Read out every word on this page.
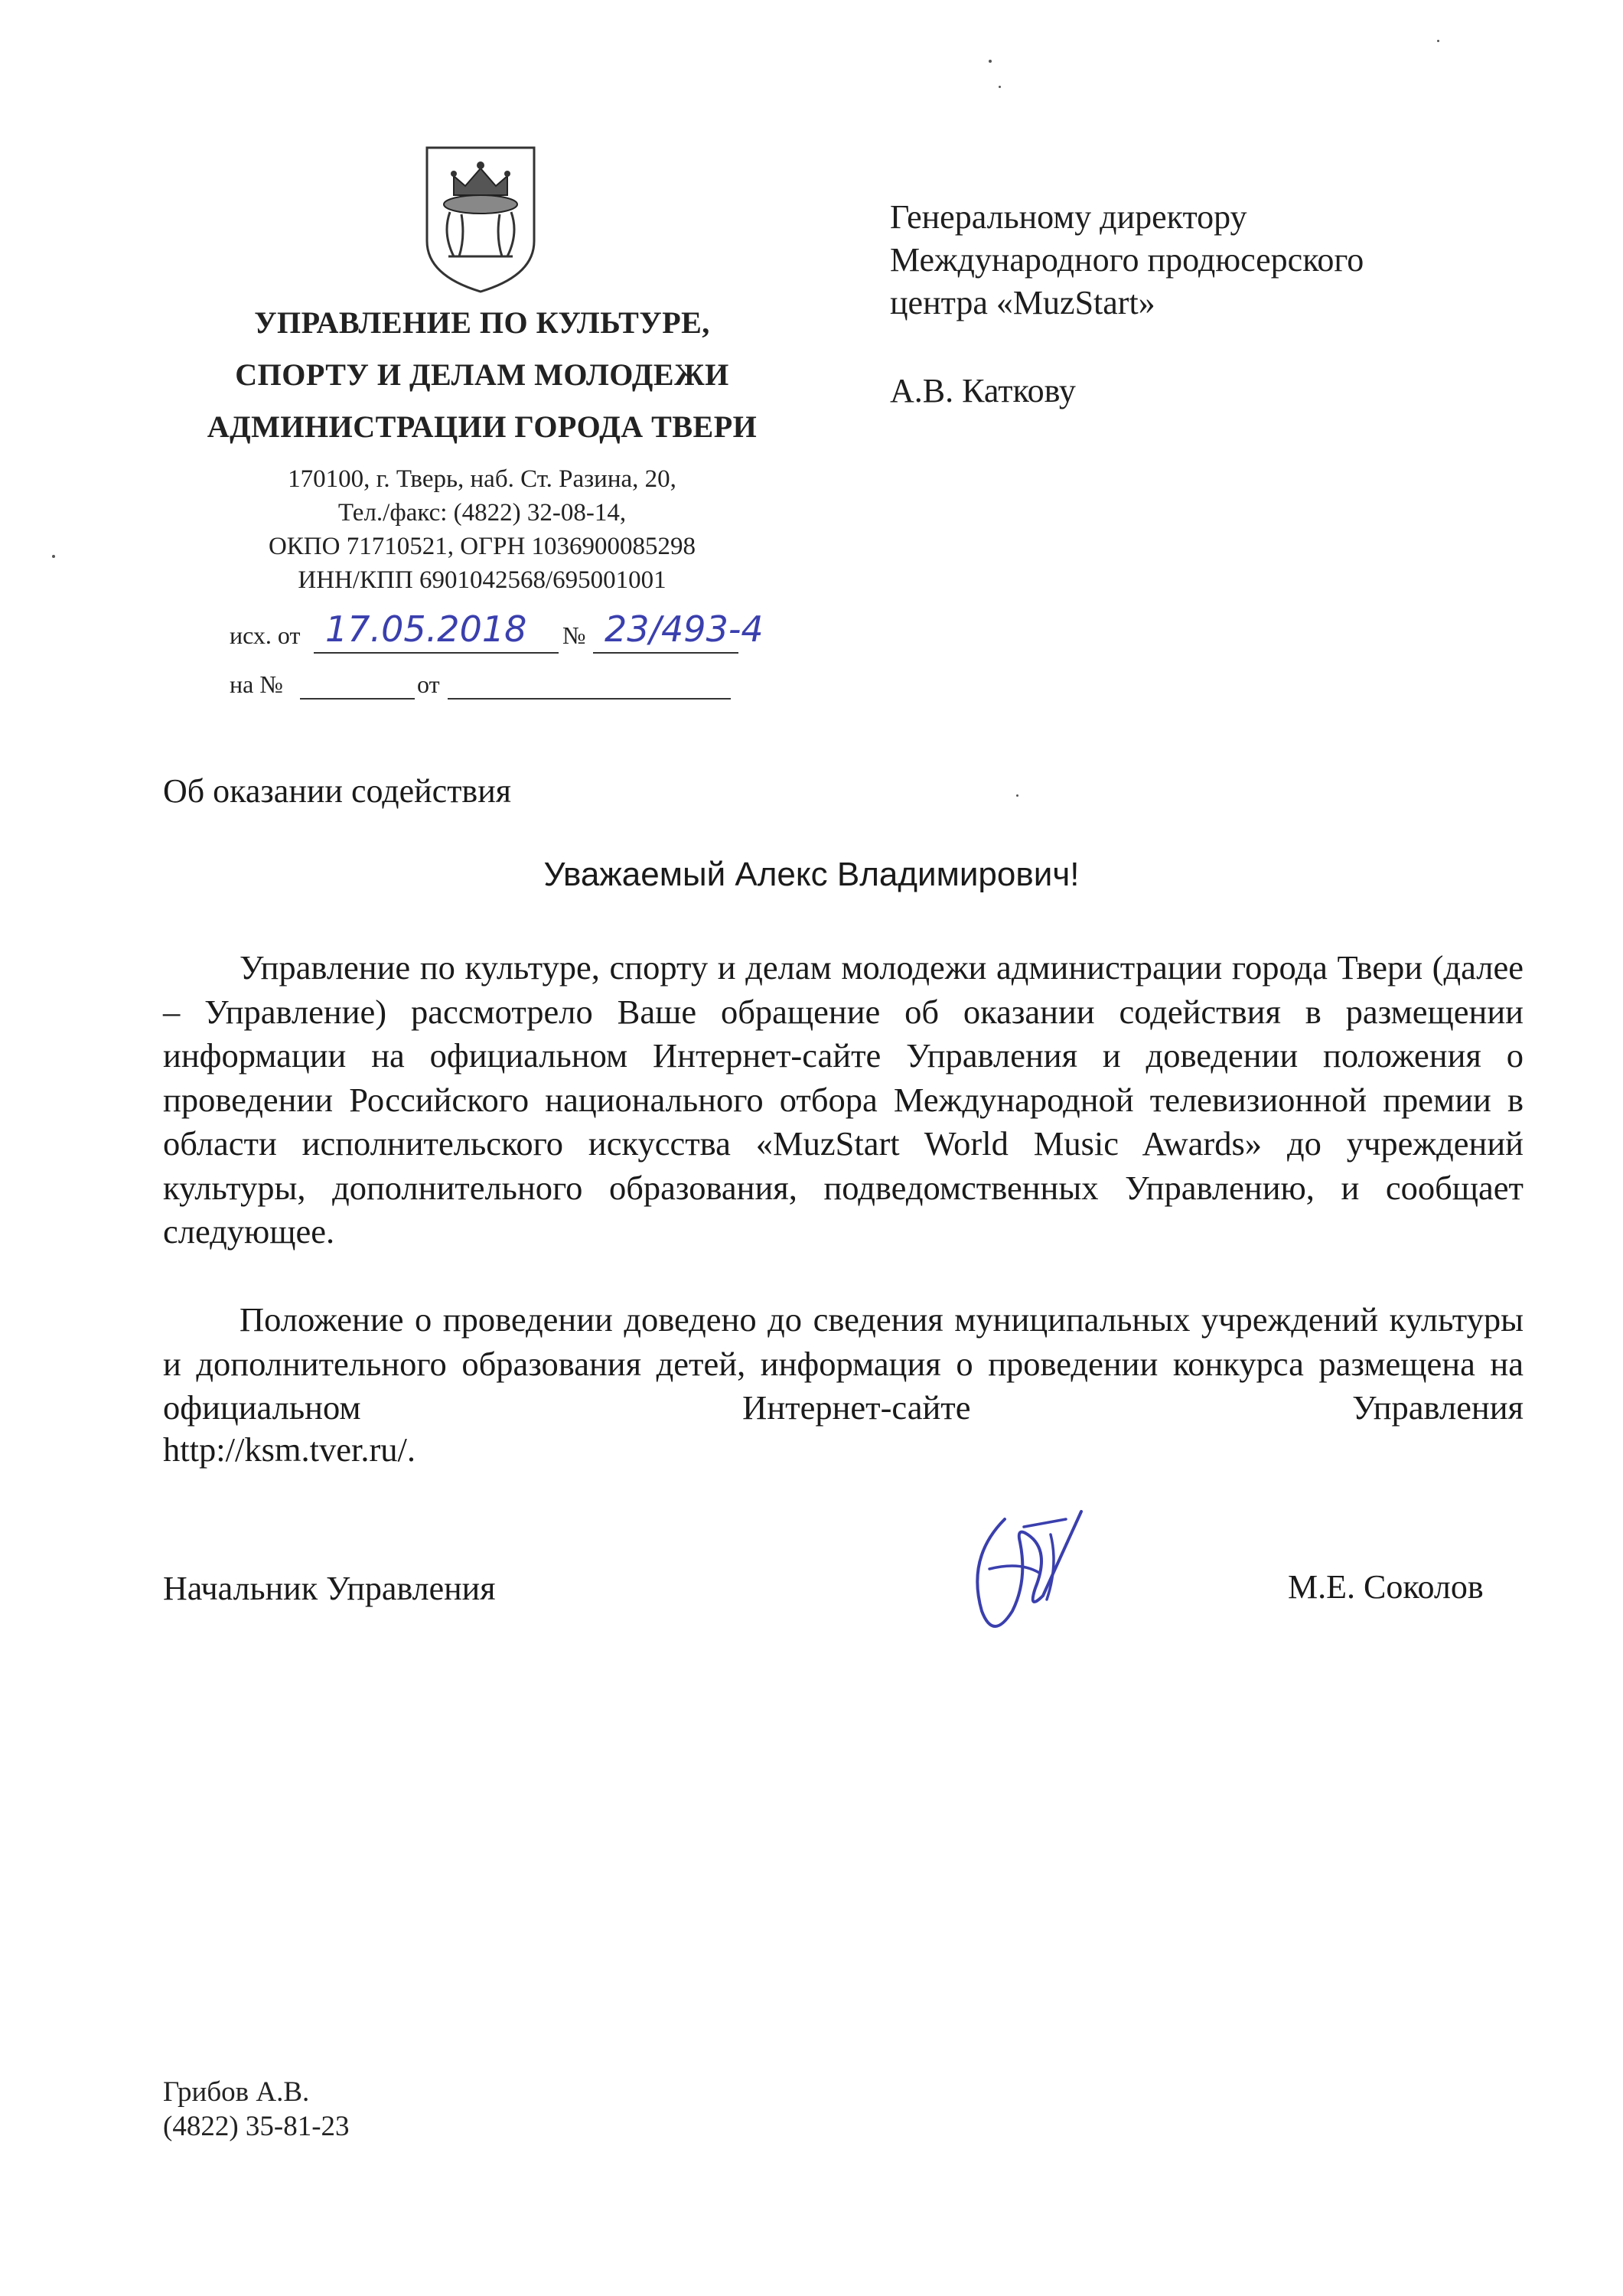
УПРАВЛЕНИЕ ПО КУЛЬТУРЕ,
СПОРТУ И ДЕЛАМ МОЛОДЕЖИ
АДМИНИСТРАЦИИ ГОРОДА ТВЕРИ
170100, г. Тверь, наб. Ст. Разина, 20,
Тел./факс: (4822) 32-08-14,
ОКПО 71710521, ОГРН 1036900085298
ИНН/КПП 6901042568/695001001
исх. от 17.05.2018 № 23/493-4
на №	от
Генеральному директору
Международного продюсерского
центра «MuzStart»
А.В. Каткову
Об оказании содействия
Уважаемый Алекс Владимирович!

Управление по культуре, спорту и делам молодежи администрации города Твери (далее – Управление) рассмотрело Ваше обращение об оказании содействия в размещении информации на официальном Интернет-сайте Управления и доведении положения о проведении Российского национального отбора Международной телевизионной премии в области исполнительского искусства «MuzStart World Music Awards» до учреждений культуры, дополнительного образования, подведомственных Управлению, и сообщает следующее.

Положение о проведении доведено до сведения муниципальных учреждений культуры и дополнительного образования детей, информация о проведении конкурса размещена на официальном Интернет-сайте Управления

http://ksm.tver.ru/.
Начальник Управления	М.Е. Соколов
Грибов А.В.
(4822) 35-81-23
